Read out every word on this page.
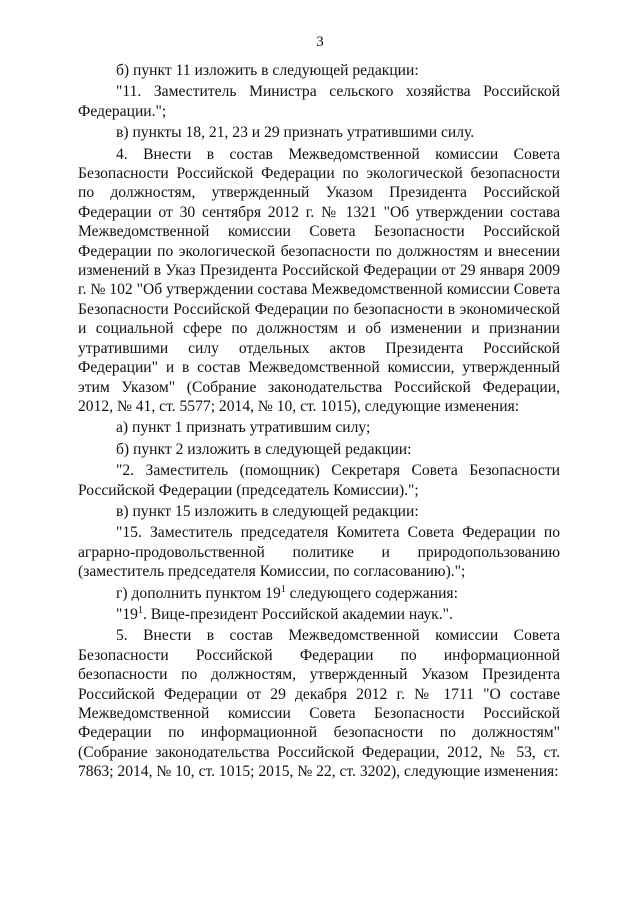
3

б) пункт 11 изложить в следующей редакции:

"11. Заместитель Министра сельского хозяйства Российской Федерации.";

в) пункты 18, 21, 23 и 29 признать утратившими силу.

4. Внести в состав Межведомственной комиссии Совета Безопасности Российской Федерации по экологической безопасности по должностям, утвержденный Указом Президента Российской Федерации от 30 сентября 2012 г. № 1321 "Об утверждении состава Межведомственной комиссии Совета Безопасности Российской Федерации по экологической безопасности по должностям и внесении изменений в Указ Президента Российской Федерации от 29 января 2009 г. № 102 "Об утверждении состава Межведомственной комиссии Совета Безопасности Российской Федерации по безопасности в экономической и социальной сфере по должностям и об изменении и признании утратившими силу отдельных актов Президента Российской Федерации" и в состав Межведомственной комиссии, утвержденный этим Указом" (Собрание законодательства Российской Федерации, 2012, № 41, ст. 5577; 2014, № 10, ст. 1015), следующие изменения:

а) пункт 1 признать утратившим силу;

б) пункт 2 изложить в следующей редакции:

"2. Заместитель (помощник) Секретаря Совета Безопасности Российской Федерации (председатель Комиссии).";

в) пункт 15 изложить в следующей редакции:

"15. Заместитель председателя Комитета Совета Федерации по аграрно-продовольственной политике и природопользованию (заместитель председателя Комиссии, по согласованию).";

г) дополнить пунктом $19^1$ следующего содержания:

"$19^1$. Вице-президент Российской академии наук.".

5. Внести в состав Межведомственной комиссии Совета Безопасности Российской Федерации по информационной безопасности по должностям, утвержденный Указом Президента Российской Федерации от 29 декабря 2012 г. № 1711 "О составе Межведомственной комиссии Совета Безопасности Российской Федерации по информационной безопасности по должностям" (Собрание законодательства Российской Федерации, 2012, № 53, ст. 7863; 2014, № 10, ст. 1015; 2015, № 22, ст. 3202), следующие изменения:
